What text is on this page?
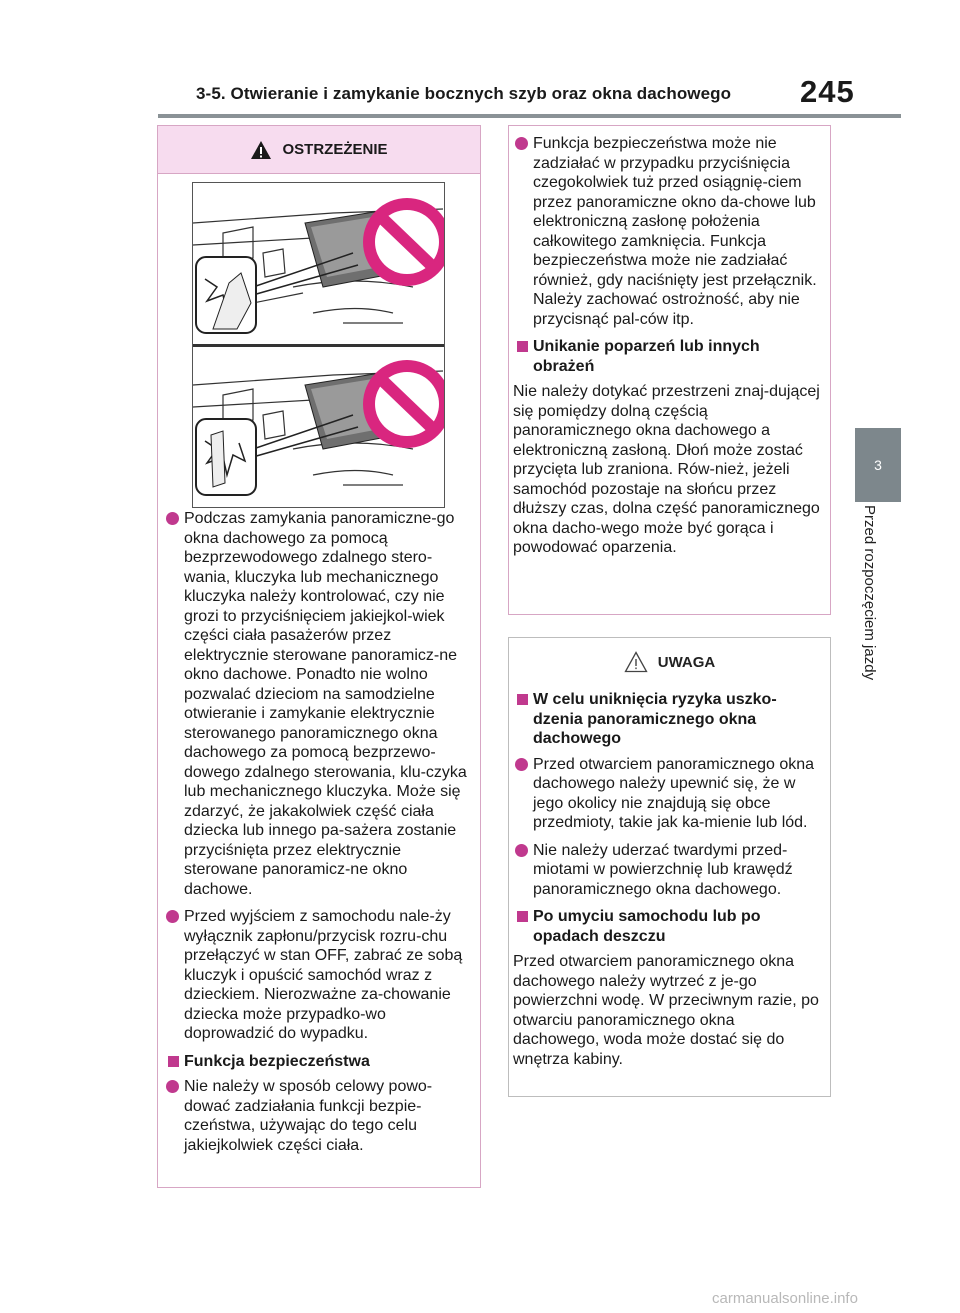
3-5. Otwieranie i zamykanie bocznych szyb oraz okna dachowego 245
3
Przed rozpoczęciem jazdy
OSTRZEŻENIE
Podczas zamykania panoramiczne-go okna dachowego za pomocą bezprzewodowego zdalnego stero-wania, kluczyka lub mechanicznego kluczyka należy kontrolować, czy nie grozi to przyciśnięciem jakiejkol-wiek części ciała pasażerów przez elektrycznie sterowane panoramicz-ne okno dachowe. Ponadto nie wolno pozwalać dzieciom na samodzielne otwieranie i zamykanie elektrycznie sterowanego panoramicznego okna dachowego za pomocą bezprzewo-dowego zdalnego sterowania, klu-czyka lub mechanicznego kluczyka. Może się zdarzyć, że jakakolwiek część ciała dziecka lub innego pa-sażera zostanie przyciśnięta przez elektrycznie sterowane panoramicz-ne okno dachowe.
Przed wyjściem z samochodu nale-ży wyłącznik zapłonu/przycisk rozru-chu przełączyć w stan OFF, zabrać ze sobą kluczyk i opuścić samochód wraz z dzieckiem. Nierozważne za-chowanie dziecka może przypadko-wo doprowadzić do wypadku.
Funkcja bezpieczeństwa
Nie należy w sposób celowy powo-dować zadziałania funkcji bezpie-czeństwa, używając do tego celu jakiejkolwiek części ciała.
Funkcja bezpieczeństwa może nie zadziałać w przypadku przyciśnięcia czegokolwiek tuż przed osiągnię-ciem przez panoramiczne okno da-chowe lub elektroniczną zasłonę położenia całkowitego zamknięcia. Funkcja bezpieczeństwa może nie zadziałać również, gdy naciśnięty jest przełącznik. Należy zachować ostrożność, aby nie przycisnąć pal-ców itp.
Unikanie poparzeń lub innych obrażeń
Nie należy dotykać przestrzeni znaj-dującej się pomiędzy dolną częścią panoramicznego okna dachowego a elektroniczną zasłoną. Dłoń może zostać przycięta lub zraniona. Rów-nież, jeżeli samochód pozostaje na słońcu przez dłuższy czas, dolna część panoramicznego okna dacho-wego może być gorąca i powodować oparzenia.
UWAGA
W celu uniknięcia ryzyka uszko-dzenia panoramicznego okna dachowego
Przed otwarciem panoramicznego okna dachowego należy upewnić się, że w jego okolicy nie znajdują się obce przedmioty, takie jak ka-mienie lub lód.
Nie należy uderzać twardymi przed-miotami w powierzchnię lub krawędź panoramicznego okna dachowego.
Po umyciu samochodu lub po opadach deszczu
Przed otwarciem panoramicznego okna dachowego należy wytrzeć z je-go powierzchni wodę. W przeciwnym razie, po otwarciu panoramicznego okna dachowego, woda może dostać się do wnętrza kabiny.
carmanualsonline.info
